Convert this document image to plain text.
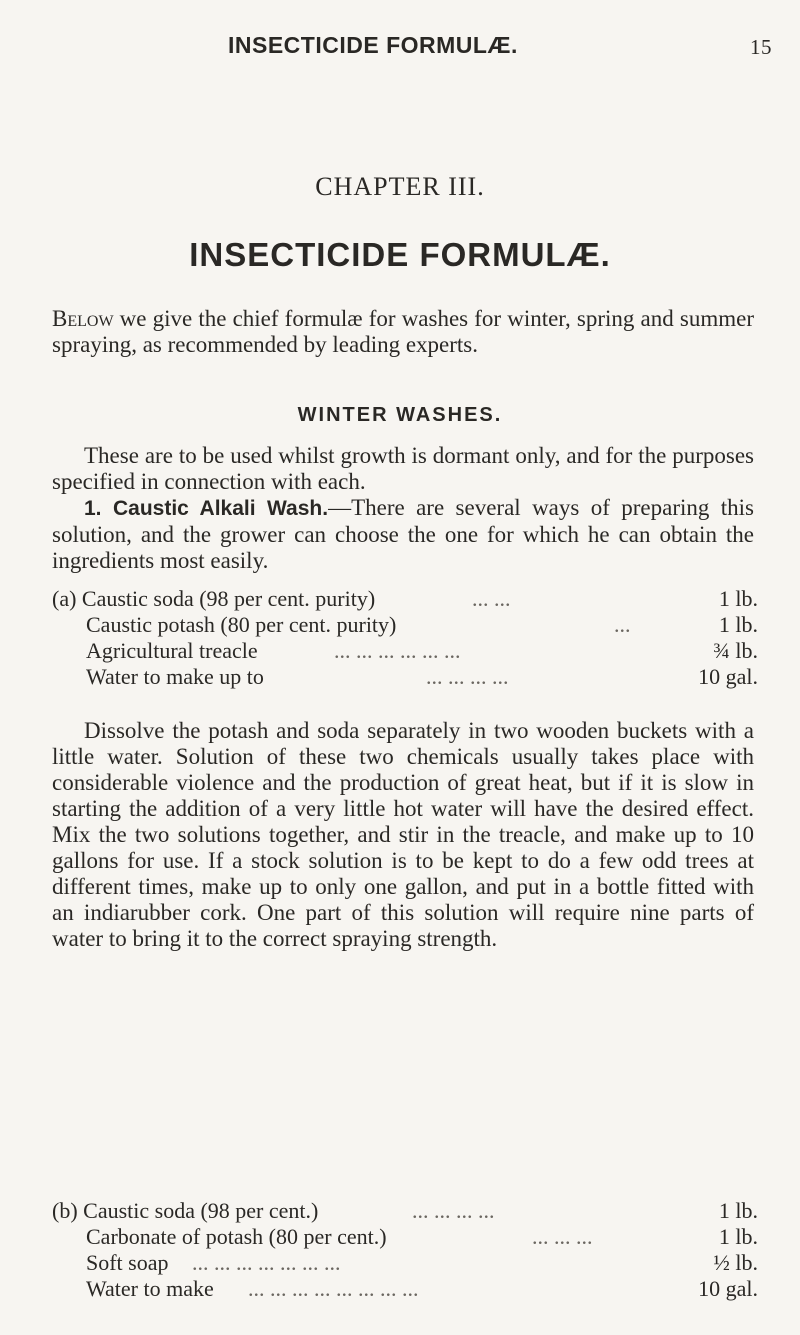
INSECTICIDE FORMULÆ.	15
CHAPTER III.
INSECTICIDE FORMULÆ.
Below we give the chief formulæ for washes for winter, spring and summer spraying, as recommended by leading experts.
WINTER WASHES.
These are to be used whilst growth is dormant only, and for the purposes specified in connection with each.
1. Caustic Alkali Wash.—There are several ways of preparing this solution, and the grower can choose the one for which he can obtain the ingredients most easily.
(a) Caustic soda (98 per cent. purity)	... ...	1 lb.
Caustic potash (80 per cent. purity)	...	1 lb.
Agricultural treacle	... ... ... ... ... ...	¾ lb.
Water to make up to	... ... ... ...	10 gal.
Dissolve the potash and soda separately in two wooden buckets with a little water. Solution of these two chemicals usually takes place with considerable violence and the production of great heat, but if it is slow in starting the addition of a very little hot water will have the desired effect. Mix the two solutions together, and stir in the treacle, and make up to 10 gallons for use. If a stock solution is to be kept to do a few odd trees at different times, make up to only one gallon, and put in a bottle fitted with an indiarubber cork. One part of this solution will require nine parts of water to bring it to the correct spraying strength.
(b) Caustic soda (98 per cent.)	... ... ... ...	1 lb.
Carbonate of potash (80 per cent.)	... ... ...	1 lb.
Soft soap ... ... ... ... ... ... ...	½ lb.
Water to make ... ... ... ... ... ... ... ...	10 gal.
